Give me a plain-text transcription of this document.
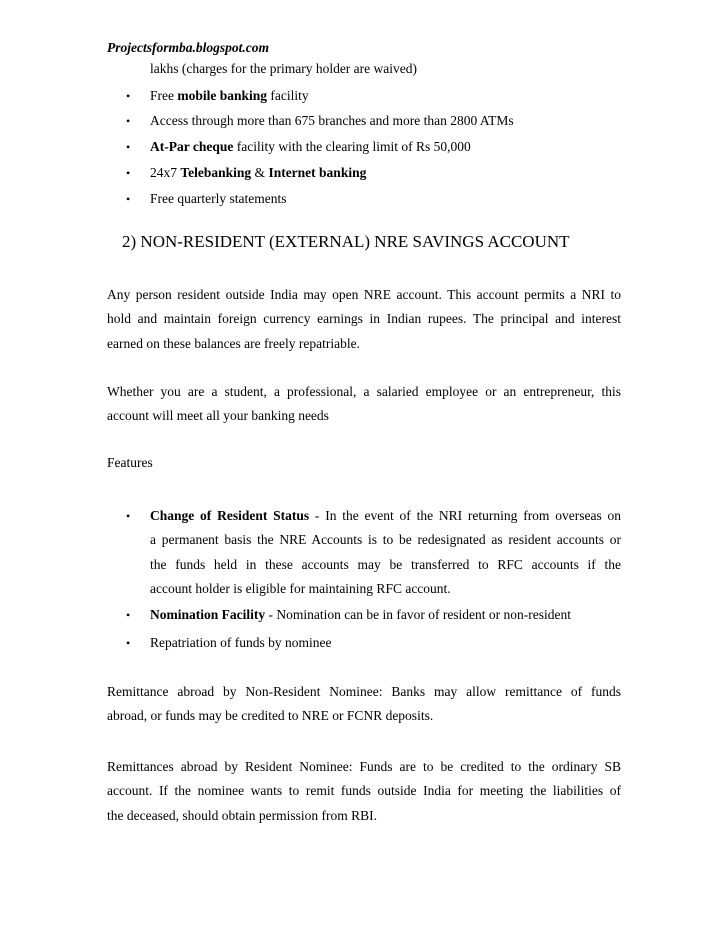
Projectsformba.blogspot.com
lakhs (charges for the primary holder are waived)
• Free mobile banking facility
• Access through more than 675 branches and more than 2800 ATMs
• At-Par cheque facility with the clearing limit of Rs 50,000
• 24x7 Telebanking & Internet banking
• Free quarterly statements
2) NON-RESIDENT (EXTERNAL) NRE SAVINGS ACCOUNT
Any person resident outside India may open NRE account. This account permits a NRI to
hold and maintain foreign currency earnings in Indian rupees. The principal and interest
earned on these balances are freely repatriable.
Whether you are a student, a professional, a salaried employee or an entrepreneur, this
account will meet all your banking needs
Features
• Change of Resident Status - In the event of the NRI returning from overseas on
a permanent basis the NRE Accounts is to be redesignated as resident accounts or
the funds held in these accounts may be transferred to RFC accounts if the
account holder is eligible for maintaining RFC account.
• Nomination Facility - Nomination can be in favor of resident or non-resident
• Repatriation of funds by nominee
Remittance abroad by Non-Resident Nominee: Banks may allow remittance of funds
abroad, or funds may be credited to NRE or FCNR deposits.
Remittances abroad by Resident Nominee: Funds are to be credited to the ordinary SB
account. If the nominee wants to remit funds outside India for meeting the liabilities of
the deceased, should obtain permission from RBI.
